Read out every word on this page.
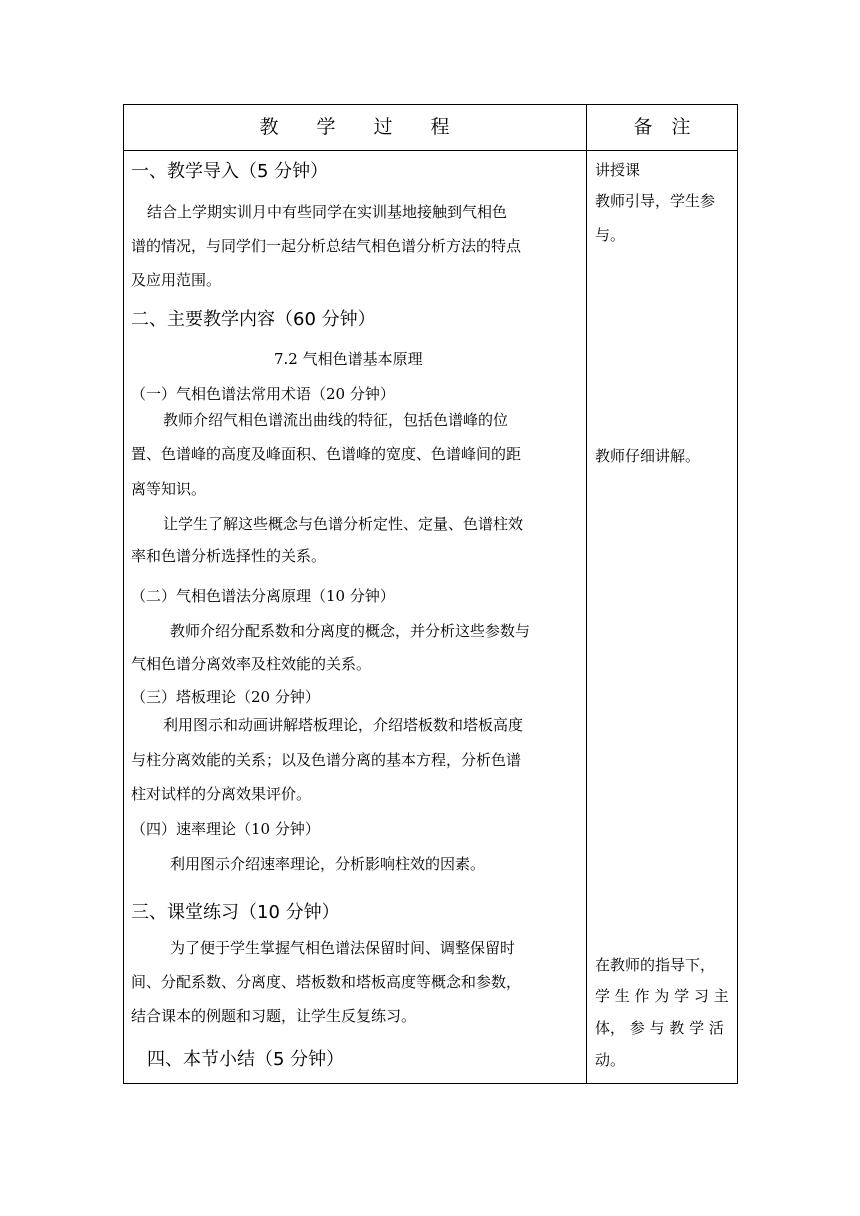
教　　学　　过　　程	备　注
一、教学导入（5 分钟）
结合上学期实训月中有些同学在实训基地接触到气相色
谱的情况，与同学们一起分析总结气相色谱分析方法的特点
及应用范围。
二、主要教学内容（60 分钟）
7.2 气相色谱基本原理
（一）气相色谱法常用术语（20 分钟）
教师介绍气相色谱流出曲线的特征，包括色谱峰的位
置、色谱峰的高度及峰面积、色谱峰的宽度、色谱峰间的距
离等知识。
让学生了解这些概念与色谱分析定性、定量、色谱柱效
率和色谱分析选择性的关系。
（二）气相色谱法分离原理（10 分钟）
教师介绍分配系数和分离度的概念，并分析这些参数与
气相色谱分离效率及柱效能的关系。
（三）塔板理论（20 分钟）
利用图示和动画讲解塔板理论，介绍塔板数和塔板高度
与柱分离效能的关系；以及色谱分离的基本方程，分析色谱
柱对试样的分离效果评价。
（四）速率理论（10 分钟）
利用图示介绍速率理论，分析影响柱效的因素。
三、课堂练习（10 分钟）
为了便于学生掌握气相色谱法保留时间、调整保留时
间、分配系数、分离度、塔板数和塔板高度等概念和参数，
结合课本的例题和习题，让学生反复练习。
四、本节小结（5 分钟）
讲授课
教师引导，学生参
与。
教师仔细讲解。
在教师的指导下，
学 生 作 为 学 习 主
体， 参 与 教 学 活
动。
